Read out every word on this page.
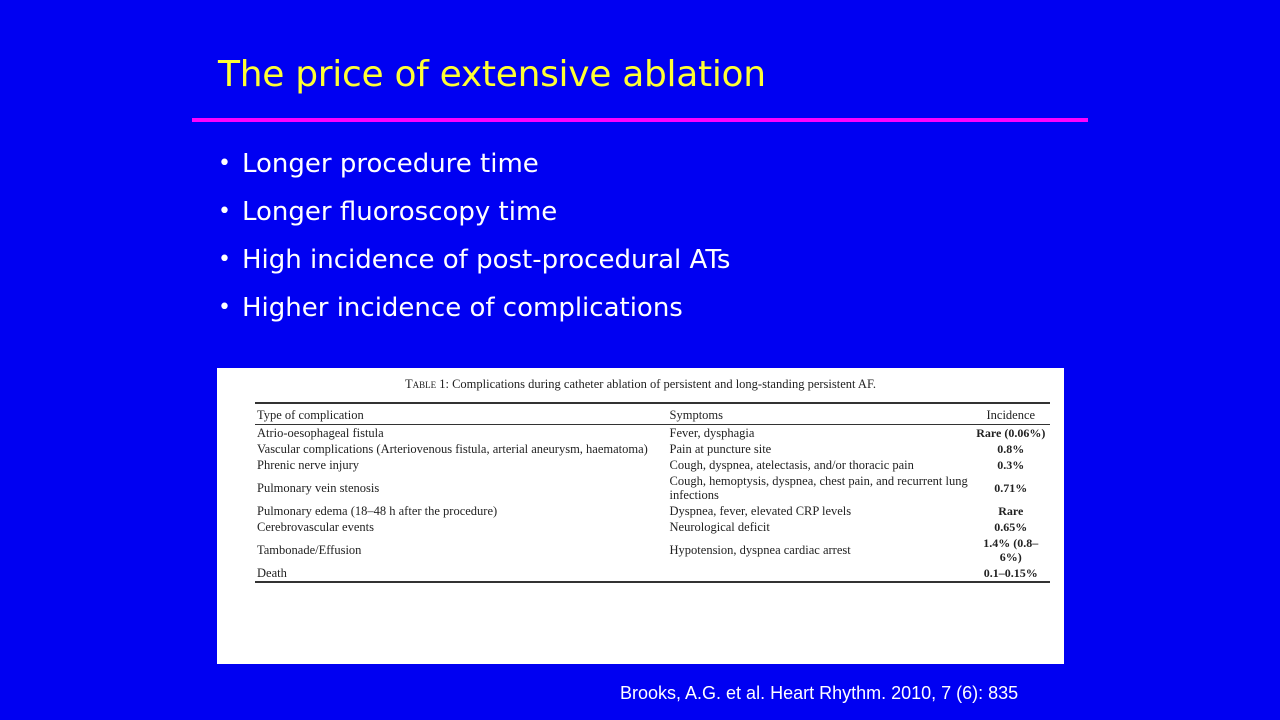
The price of extensive ablation
• Longer procedure time
• Longer fluoroscopy time
• High incidence of post-procedural ATs
• Higher incidence of complications
Table 1: Complications during catheter ablation of persistent and long-standing persistent AF.
Type of complication	Symptoms	Incidence
Atrio-oesophageal fistula	Fever, dysphagia	Rare (0.06%)
Vascular complications (Arteriovenous fistula, arterial aneurysm, haematoma)	Pain at puncture site	0.8%
Phrenic nerve injury	Cough, dyspnea, atelectasis, and/or thoracic pain	0.3%
Pulmonary vein stenosis	Cough, hemoptysis, dyspnea, chest pain, and recurrent lung infections	0.71%
Pulmonary edema (18–48 h after the procedure)	Dyspnea, fever, elevated CRP levels	Rare
Cerebrovascular events	Neurological deficit	0.65%
Tambonade/Effusion	Hypotension, dyspnea cardiac arrest	1.4% (0.8–6%)
Death		0.1–0.15%
Brooks, A.G. et al. Heart Rhythm. 2010, 7 (6): 835
